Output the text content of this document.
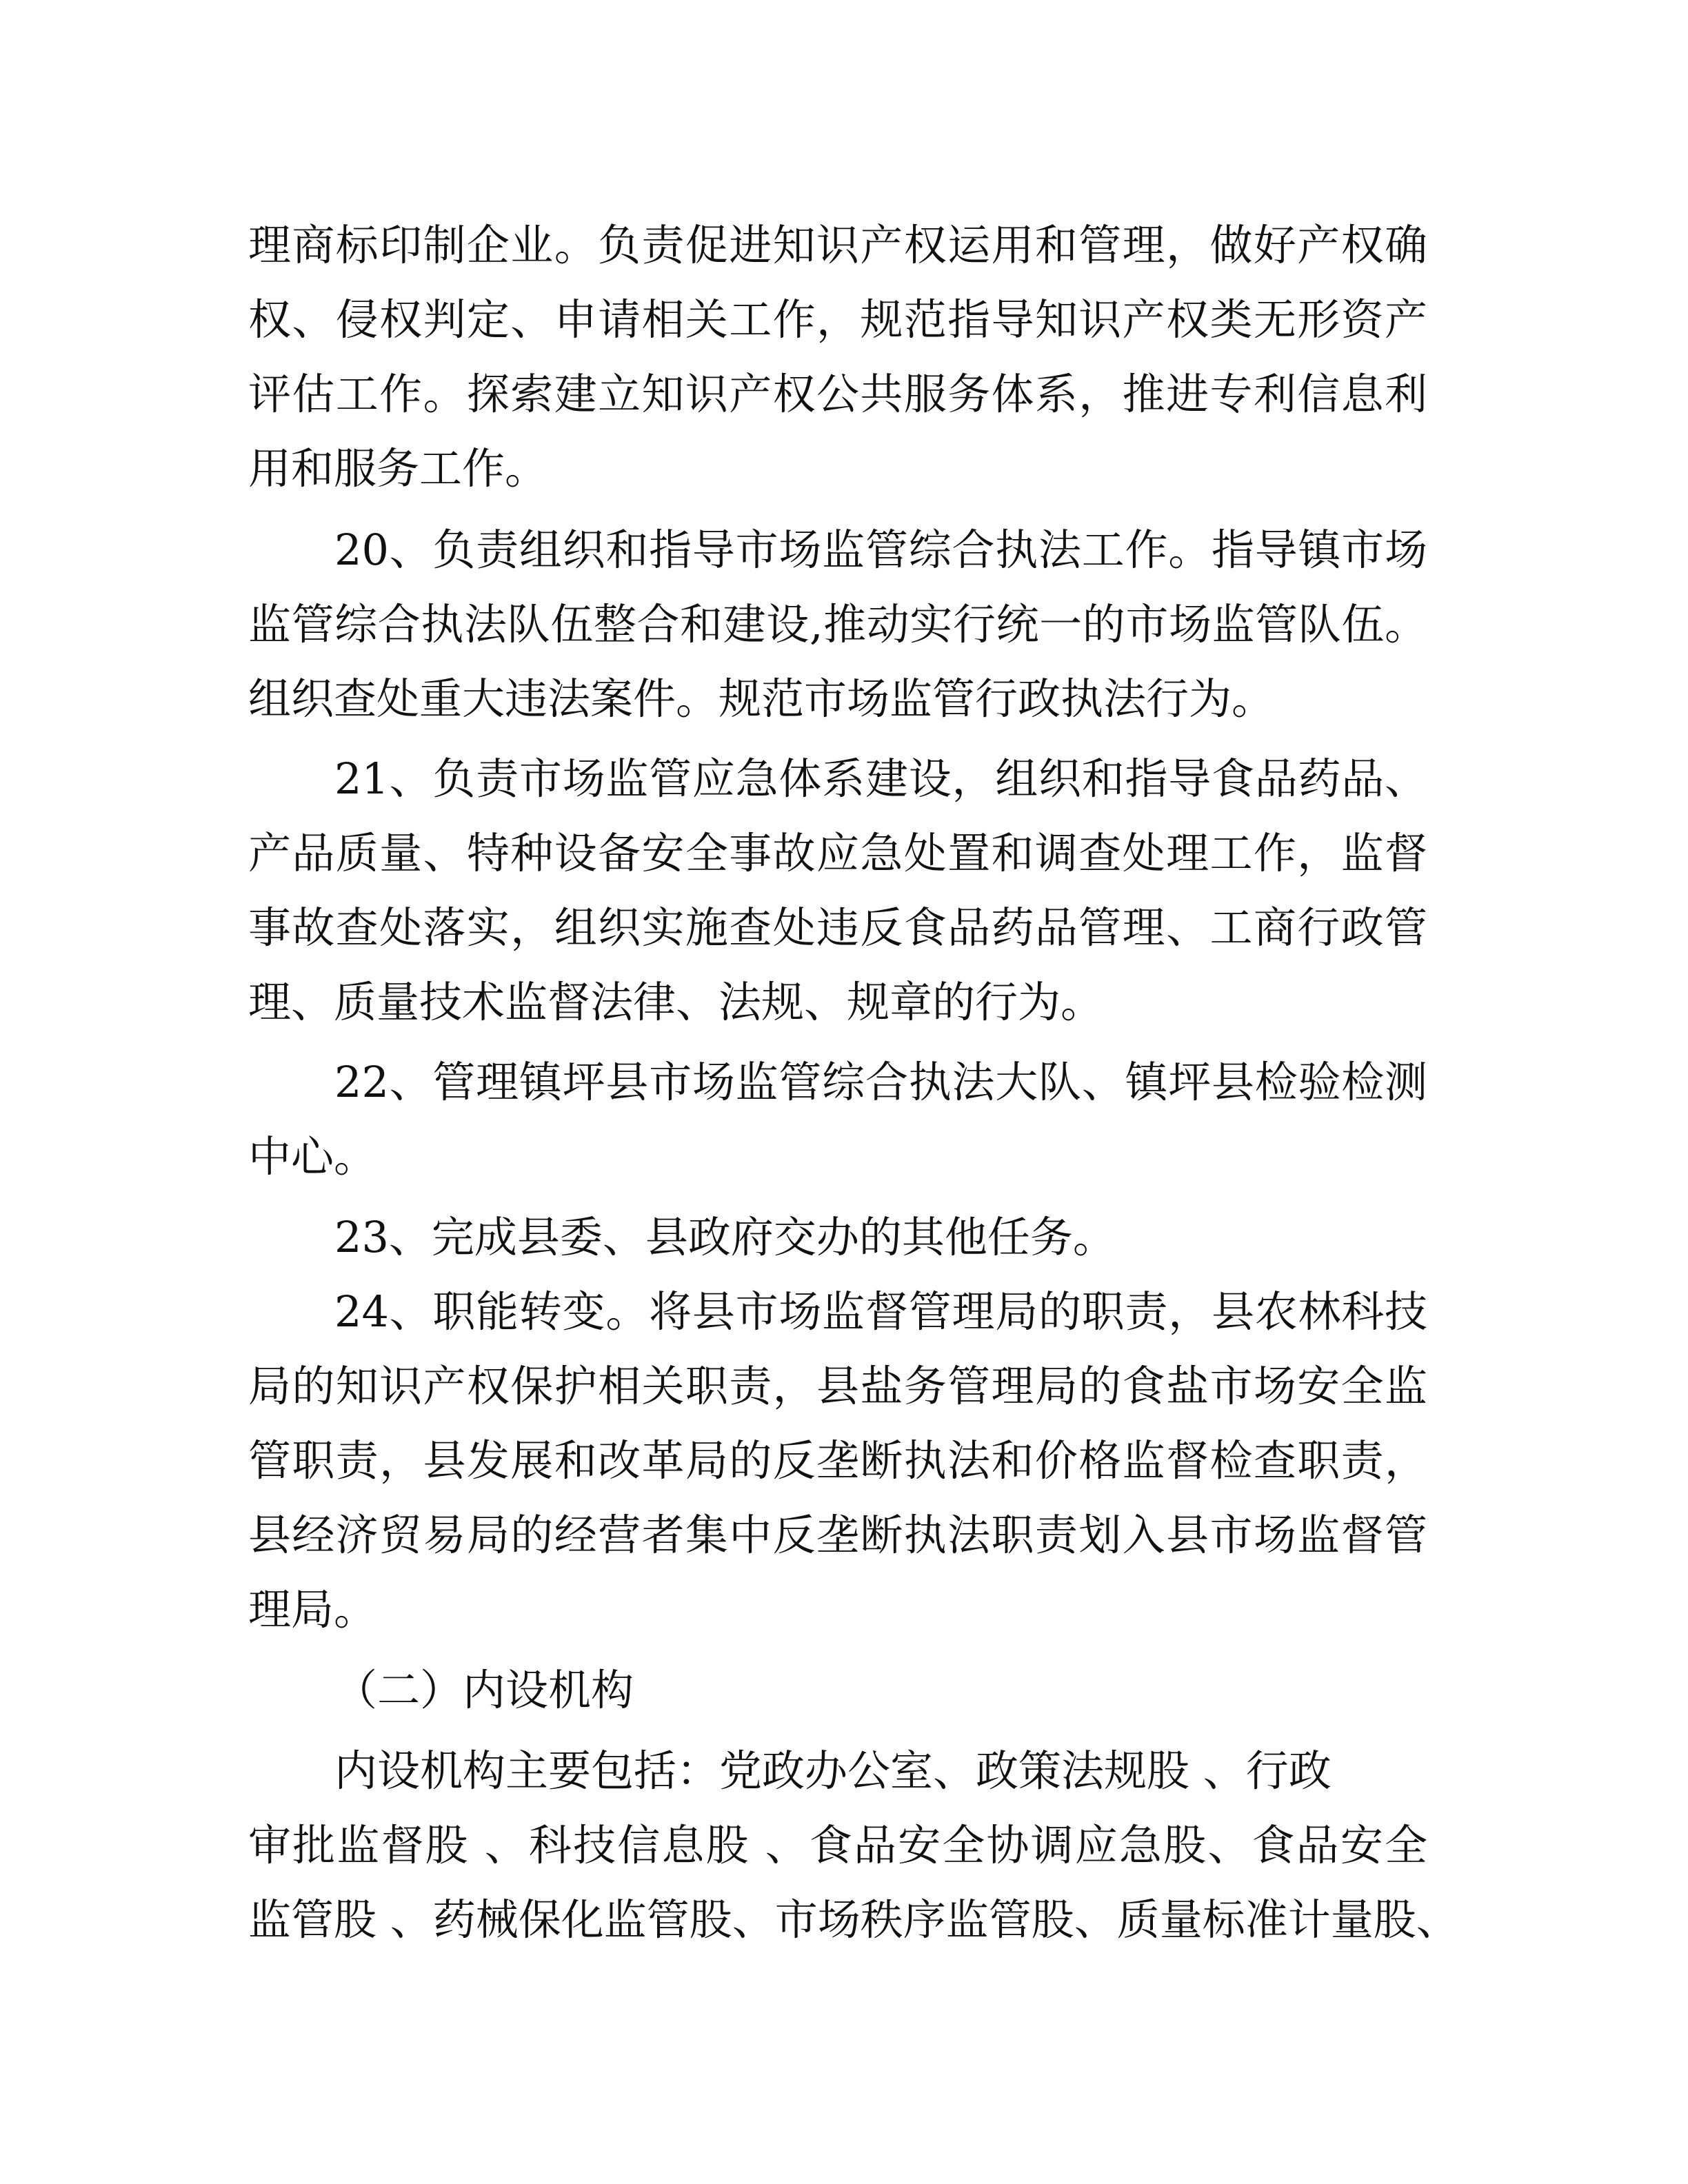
理商标印制企业。负责促进知识产权运用和管理，做好产权确
权、侵权判定、申请相关工作，规范指导知识产权类无形资产
评估工作。探索建立知识产权公共服务体系，推进专利信息利
用和服务工作。
20、负责组织和指导市场监管综合执法工作。指导镇市场
监管综合执法队伍整合和建设,推动实行统一的市场监管队伍。
组织查处重大违法案件。规范市场监管行政执法行为。
21、负责市场监管应急体系建设，组织和指导食品药品、
产品质量、特种设备安全事故应急处置和调查处理工作，监督
事故查处落实，组织实施查处违反食品药品管理、工商行政管
理、质量技术监督法律、法规、规章的行为。
22、管理镇坪县市场监管综合执法大队、镇坪县检验检测
中心。
23、完成县委、县政府交办的其他任务。
24、职能转变。将县市场监督管理局的职责，县农林科技
局的知识产权保护相关职责，县盐务管理局的食盐市场安全监
管职责，县发展和改革局的反垄断执法和价格监督检查职责，
县经济贸易局的经营者集中反垄断执法职责划入县市场监督管
理局。
（二）内设机构
内设机构主要包括：党政办公室、政策法规股 、行政
审批监督股 、科技信息股 、食品安全协调应急股、食品安全
监管股 、药械保化监管股、市场秩序监管股、质量标准计量股、
